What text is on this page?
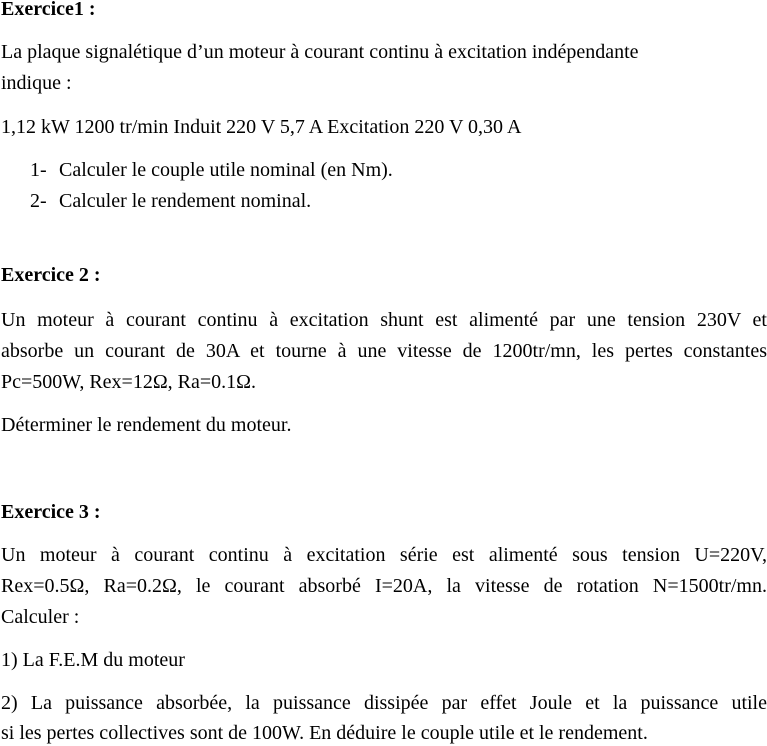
Exercice1 :
La plaque signalétique d’un moteur à courant continu à excitation indépendante
indique :
1,12 kW 1200 tr/min Induit 220 V 5,7 A Excitation 220 V 0,30 A
1- Calculer le couple utile nominal (en Nm).
2- Calculer le rendement nominal.
Exercice 2 :
Un moteur à courant continu à excitation shunt est alimenté par une tension 230V et
absorbe un courant de 30A et tourne à une vitesse de 1200tr/mn, les pertes constantes
Pc=500W, Rex=12Ω, Ra=0.1Ω.
Déterminer le rendement du moteur.
Exercice 3 :
Un moteur à courant continu à excitation série est alimenté sous tension U=220V,
Rex=0.5Ω, Ra=0.2Ω, le courant absorbé I=20A, la vitesse de rotation N=1500tr/mn.
Calculer :
1) La F.E.M du moteur
2) La puissance absorbée, la puissance dissipée par effet Joule et la puissance utile
si les pertes collectives sont de 100W. En déduire le couple utile et le rendement.
